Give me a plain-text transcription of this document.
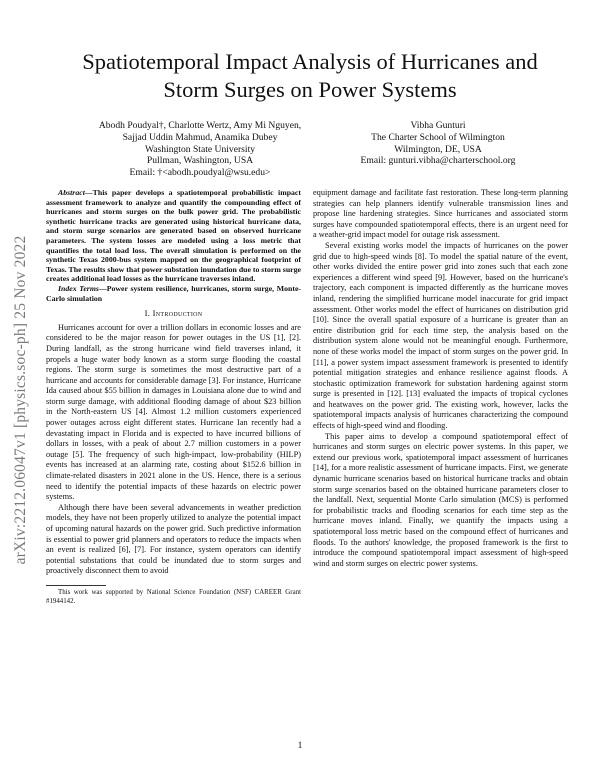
arXiv:2212.06047v1 [physics.soc-ph] 25 Nov 2022
Spatiotemporal Impact Analysis of Hurricanes and
Storm Surges on Power Systems
Abodh Poudyal†, Charlotte Wertz, Amy Mi Nguyen,
Sajjad Uddin Mahmud, Anamika Dubey
Washington State University
Pullman, Washington, USA
Email: †<abodh.poudyal@wsu.edu>
Vibha Gunturi
The Charter School of Wilmington
Wilmington, DE, USA
Email: gunturi.vibha@charterschool.org

Abstract—This paper develops a spatiotemporal probabilistic impact assessment framework to analyze and quantify the compounding effect of hurricanes and storm surges on the bulk power grid. The probabilistic synthetic hurricane tracks are generated using historical hurricane data, and storm surge scenarios are generated based on observed hurricane parameters. The system losses are modeled using a loss metric that quantifies the total load loss. The overall simulation is performed on the synthetic Texas 2000-bus system mapped on the geographical footprint of Texas. The results show that power substation inundation due to storm surge creates additional load losses as the hurricane traverses inland.

Index Terms—Power system resilience, hurricanes, storm surge, Monte-Carlo simulation

I. Introduction

Hurricanes account for over a trillion dollars in economic losses and are considered to be the major reason for power outages in the US [1], [2]. During landfall, as the strong hurricane wind field traverses inland, it propels a huge water body known as a storm surge flooding the coastal regions. The storm surge is sometimes the most destructive part of a hurricane and accounts for considerable damage [3]. For instance, Hurricane Ida caused about $55 billion in damages in Louisiana alone due to wind and storm surge damage, with additional flooding damage of about $23 billion in the North-eastern US [4]. Almost 1.2 million customers experienced power outages across eight different states. Hurricane Ian recently had a devastating impact in Florida and is expected to have incurred billions of dollars in losses, with a peak of about 2.7 million customers in a power outage [5]. The frequency of such high-impact, low-probability (HILP) events has increased at an alarming rate, costing about $152.6 billion in climate-related disasters in 2021 alone in the US. Hence, there is a serious need to identify the potential impacts of these hazards on electric power systems.

Although there have been several advancements in weather prediction models, they have not been properly utilized to analyze the potential impact of upcoming natural hazards on the power grid. Such predictive information is essential to power grid planners and operators to reduce the impacts when an event is realized [6], [7]. For instance, system operators can identify potential substations that could be inundated due to storm surges and proactively disconnect them to avoid

This work was supported by National Science Foundation (NSF) CAREER Grant #1944142.

equipment damage and facilitate fast restoration. These long-term planning strategies can help planners identify vulnerable transmission lines and propose line hardening strategies. Since hurricanes and associated storm surges have compounded spatiotemporal effects, there is an urgent need for a weather-grid impact model for outage risk assessment.

Several existing works model the impacts of hurricanes on the power grid due to high-speed winds [8]. To model the spatial nature of the event, other works divided the entire power grid into zones such that each zone experiences a different wind speed [9]. However, based on the hurricane's trajectory, each component is impacted differently as the hurricane moves inland, rendering the simplified hurricane model inaccurate for grid impact assessment. Other works model the effect of hurricanes on distribution grid [10]. Since the overall spatial exposure of a hurricane is greater than an entire distribution grid for each time step, the analysis based on the distribution system alone would not be meaningful enough. Furthermore, none of these works model the impact of storm surges on the power grid. In [11], a power system impact assessment framework is presented to identify potential mitigation strategies and enhance resilience against floods. A stochastic optimization framework for substation hardening against storm surge is presented in [12]. [13] evaluated the impacts of tropical cyclones and heatwaves on the power grid. The existing work, however, lacks the spatiotemporal impacts analysis of hurricanes characterizing the compound effects of high-speed wind and flooding.

This paper aims to develop a compound spatiotemporal effect of hurricanes and storm surges on electric power systems. In this paper, we extend our previous work, spatiotemporal impact assessment of hurricanes [14], for a more realistic assessment of hurricane impacts. First, we generate dynamic hurricane scenarios based on historical hurricane tracks and obtain storm surge scenarios based on the obtained hurricane parameters closer to the landfall. Next, sequential Monte Carlo simulation (MCS) is performed for probabilistic tracks and flooding scenarios for each time step as the hurricane moves inland. Finally, we quantify the impacts using a spatiotemporal loss metric based on the compound effect of hurricanes and floods. To the authors' knowledge, the proposed framework is the first to introduce the compound spatiotemporal impact assessment of high-speed wind and storm surges on electric power systems.

1
